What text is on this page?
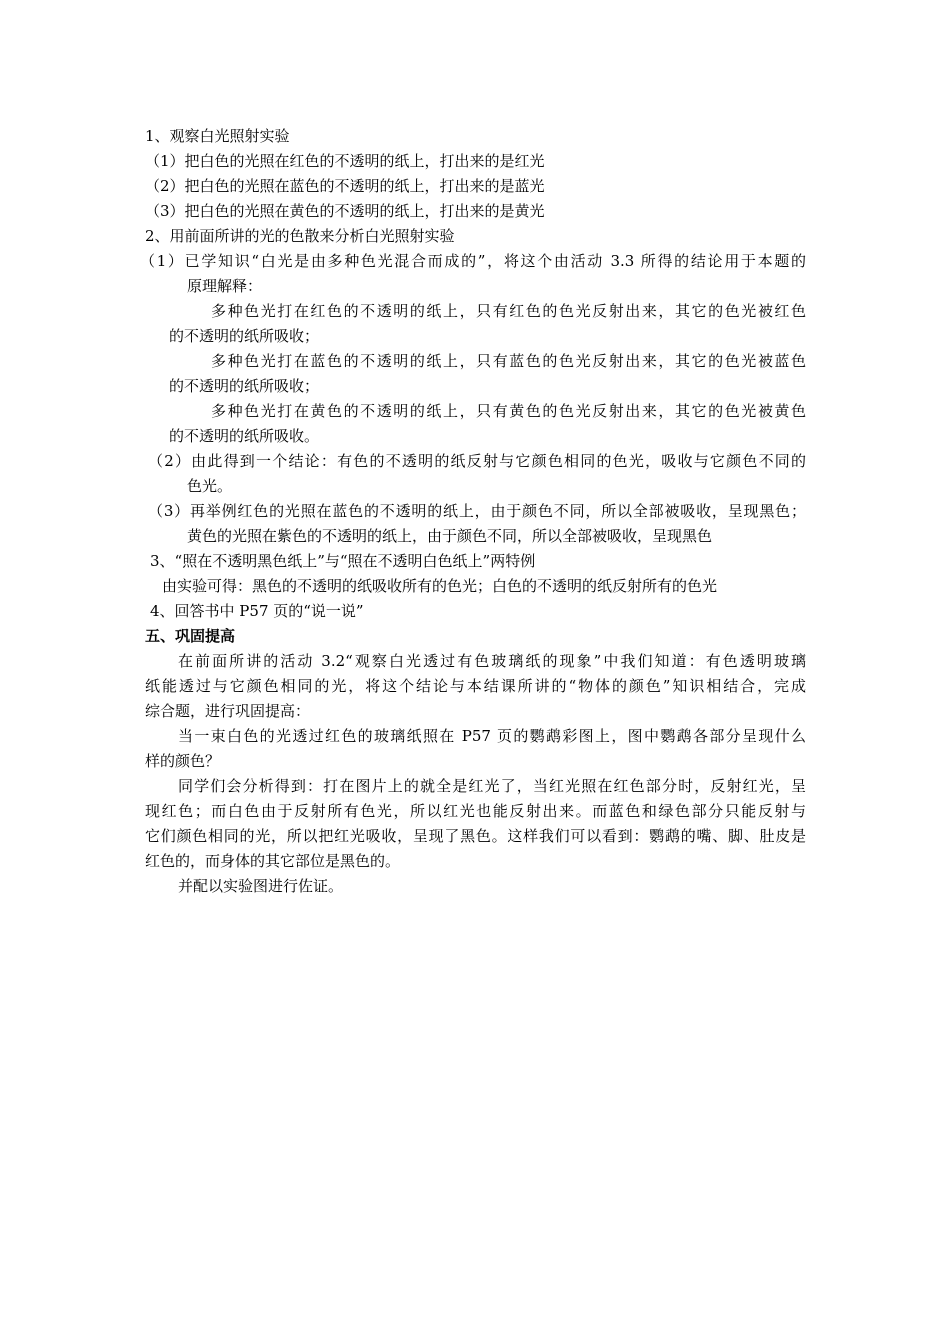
1、观察白光照射实验
（1）把白色的光照在红色的不透明的纸上，打出来的是红光
（2）把白色的光照在蓝色的不透明的纸上，打出来的是蓝光
（3）把白色的光照在黄色的不透明的纸上，打出来的是黄光
2、用前面所讲的光的色散来分析白光照射实验
（1）已学知识“白光是由多种色光混合而成的”，将这个由活动 3.3 所得的结论用于本题的
原理解释：
多种色光打在红色的不透明的纸上，只有红色的色光反射出来，其它的色光被红色
的不透明的纸所吸收；
多种色光打在蓝色的不透明的纸上，只有蓝色的色光反射出来，其它的色光被蓝色
的不透明的纸所吸收；
多种色光打在黄色的不透明的纸上，只有黄色的色光反射出来，其它的色光被黄色
的不透明的纸所吸收。
（2）由此得到一个结论：有色的不透明的纸反射与它颜色相同的色光，吸收与它颜色不同的
色光。
（3）再举例红色的光照在蓝色的不透明的纸上，由于颜色不同，所以全部被吸收，呈现黑色；
黄色的光照在紫色的不透明的纸上，由于颜色不同，所以全部被吸收，呈现黑色
3、“照在不透明黑色纸上”与“照在不透明白色纸上”两特例
由实验可得：黑色的不透明的纸吸收所有的色光；白色的不透明的纸反射所有的色光
4、回答书中 P57 页的“说一说”
五、巩固提高
在前面所讲的活动 3.2“观察白光透过有色玻璃纸的现象”中我们知道：有色透明玻璃
纸能透过与它颜色相同的光，将这个结论与本结课所讲的“物体的颜色”知识相结合，完成
综合题，进行巩固提高：
当一束白色的光透过红色的玻璃纸照在 P57 页的鹦鹉彩图上，图中鹦鹉各部分呈现什么
样的颜色？
同学们会分析得到：打在图片上的就全是红光了，当红光照在红色部分时，反射红光，呈
现红色；而白色由于反射所有色光，所以红光也能反射出来。而蓝色和绿色部分只能反射与
它们颜色相同的光，所以把红光吸收，呈现了黑色。这样我们可以看到：鹦鹉的嘴、脚、肚皮是
红色的，而身体的其它部位是黑色的。
并配以实验图进行佐证。
